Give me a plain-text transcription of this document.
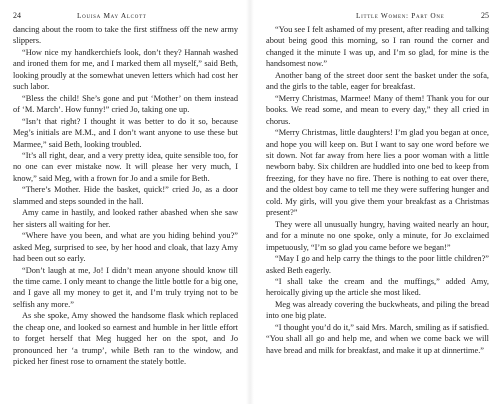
24	Louisa May Alcott

dancing about the room to take the first stiffness off the new army slippers.

“How nice my handkerchiefs look, don’t they? Hannah washed and ironed them for me, and I marked them all myself,” said Beth, looking proudly at the somewhat uneven letters which had cost her such labor.

“Bless the child! She’s gone and put ‘Mother’ on them instead of ‘M. March’. How funny!” cried Jo, taking one up.

“Isn’t that right? I thought it was better to do it so, because Meg’s initials are M.M., and I don’t want anyone to use these but Marmee,” said Beth, looking troubled.

“It’s all right, dear, and a very pretty idea, quite sensible too, for no one can ever mistake now. It will please her very much, I know,” said Meg, with a frown for Jo and a smile for Beth.

“There’s Mother. Hide the basket, quick!” cried Jo, as a door slammed and steps sounded in the hall.

Amy came in hastily, and looked rather abashed when she saw her sisters all waiting for her.

“Where have you been, and what are you hiding behind you?” asked Meg, surprised to see, by her hood and cloak, that lazy Amy had been out so early.

“Don’t laugh at me, Jo! I didn’t mean anyone should know till the time came. I only meant to change the little bottle for a big one, and I gave all my money to get it, and I’m truly trying not to be selfish any more.”

As she spoke, Amy showed the handsome flask which replaced the cheap one, and looked so earnest and humble in her little effort to forget herself that Meg hugged her on the spot, and Jo pronounced her ‘a trump’, while Beth ran to the window, and picked her finest rose to ornament the stately bottle.

Little Women: Part One	25

“You see I felt ashamed of my present, after reading and talking about being good this morning, so I ran round the corner and changed it the minute I was up, and I’m so glad, for mine is the handsomest now.”

Another bang of the street door sent the basket under the sofa, and the girls to the table, eager for breakfast.

“Merry Christmas, Marmee! Many of them! Thank you for our books. We read some, and mean to every day,” they all cried in chorus.

“Merry Christmas, little daughters! I’m glad you began at once, and hope you will keep on. But I want to say one word before we sit down. Not far away from here lies a poor woman with a little newborn baby. Six children are huddled into one bed to keep from freezing, for they have no fire. There is nothing to eat over there, and the oldest boy came to tell me they were suffering hunger and cold. My girls, will you give them your breakfast as a Christmas present?”

They were all unusually hungry, having waited nearly an hour, and for a minute no one spoke, only a minute, for Jo exclaimed impetuously, “I’m so glad you came before we began!”

“May I go and help carry the things to the poor little children?” asked Beth eagerly.

“I shall take the cream and the muffings,” added Amy, heroically giving up the article she most liked.

Meg was already covering the buckwheats, and piling the bread into one big plate.

“I thought you’d do it,” said Mrs. March, smiling as if satisfied. “You shall all go and help me, and when we come back we will have bread and milk for breakfast, and make it up at dinnertime.”
